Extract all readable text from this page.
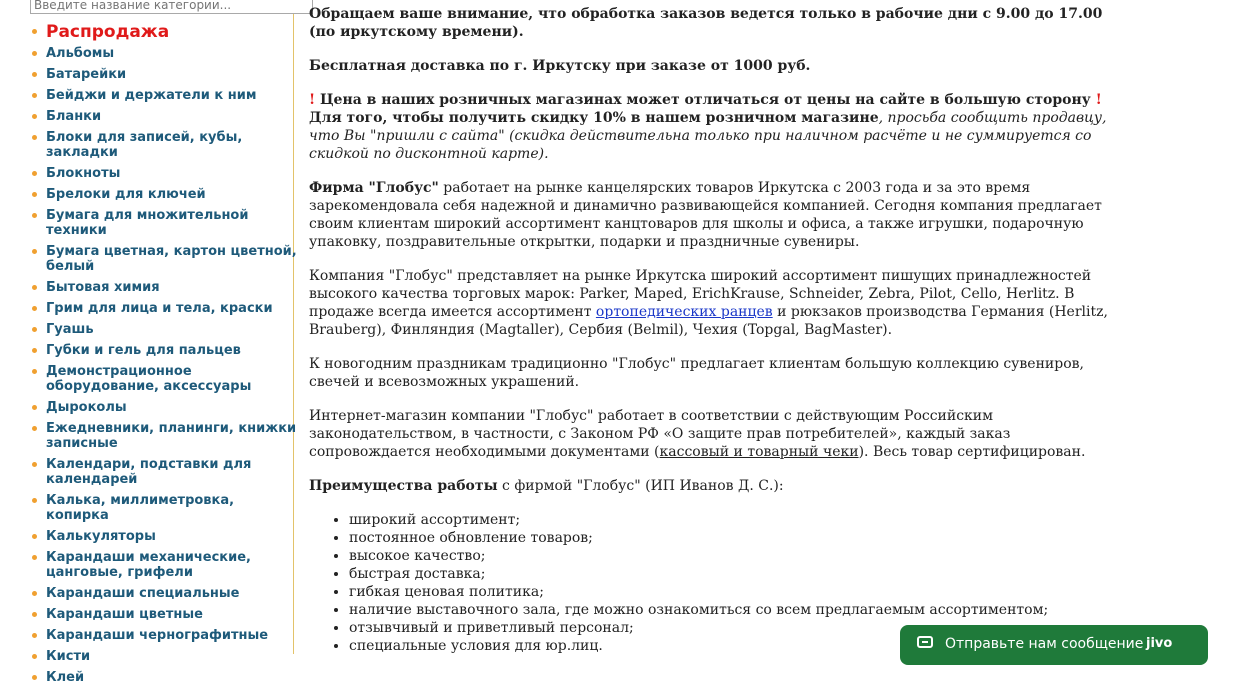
Введите название категории...
Распродажа
Альбомы
Батарейки
Бейджи и держатели к ним
Бланки
Блоки для записей, кубы, закладки
Блокноты
Брелоки для ключей
Бумага для множительной техники
Бумага цветная, картон цветной, белый
Бытовая химия
Грим для лица и тела, краски
Гуашь
Губки и гель для пальцев
Демонстрационное оборудование, аксессуары
Дыроколы
Ежедневники, планинги, книжки записные
Календари, подставки для календарей
Калька, миллиметровка, копирка
Калькуляторы
Карандаши механические, цанговые, грифели
Карандаши специальные
Карандаши цветные
Карандаши чернографитные
Кисти
Клей

Обращаем ваше внимание, что обработка заказов ведется только в рабочие дни с 9.00 до 17.00 (по иркутскому времени).

Бесплатная доставка по г. Иркутску при заказе от 1000 руб.

! Цена в наших розничных магазинах может отличаться от цены на сайте в большую сторону ! Для того, чтобы получить скидку 10% в нашем розничном магазине, просьба сообщить продавцу, что Вы "пришли с сайта" (скидка действительна только при наличном расчёте и не суммируется со скидкой по дисконтной карте).

Фирма "Глобус" работает на рынке канцелярских товаров Иркутска с 2003 года и за это время зарекомендовала себя надежной и динамично развивающейся компанией. Сегодня компания предлагает своим клиентам широкий ассортимент канцтоваров для школы и офиса, а также игрушки, подарочную упаковку, поздравительные открытки, подарки и праздничные сувениры.

Компания "Глобус" представляет на рынке Иркутска широкий ассортимент пишущих принадлежностей высокого качества торговых марок: Parker, Maped, ErichKrause, Schneider, Zebra, Pilot, Cello, Herlitz. В продаже всегда имеется ассортимент ортопедических ранцев и рюкзаков производства Германия (Herlitz, Brauberg), Финляндия (Magtaller), Сербия (Belmil), Чехия (Topgal, BagMaster).

К новогодним праздникам традиционно "Глобус" предлагает клиентам большую коллекцию сувениров, свечей и всевозможных украшений.

Интернет-магазин компании "Глобус" работает в соответствии с действующим Российским законодательством, в частности, с Законом РФ «О защите прав потребителей», каждый заказ сопровождается необходимыми документами (кассовый и товарный чеки). Весь товар сертифицирован.

Преимущества работы с фирмой "Глобус" (ИП Иванов Д. С.):

• широкий ассортимент;
• постоянное обновление товаров;
• высокое качество;
• быстрая доставка;
• гибкая ценовая политика;
• наличие выставочного зала, где можно ознакомиться со всем предлагаемым ассортиментом;
• отзывчивый и приветливый персонал;
• специальные условия для юр.лиц.	Отправьте нам сообщение jivo
